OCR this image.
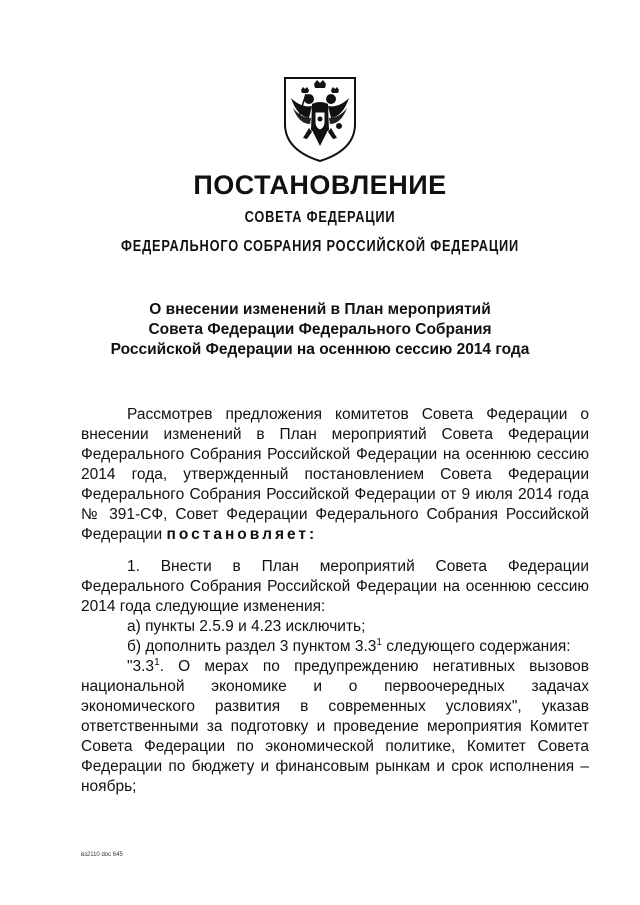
ПОСТАНОВЛЕНИЕ
СОВЕТА ФЕДЕРАЦИИ
ФЕДЕРАЛЬНОГО СОБРАНИЯ РОССИЙСКОЙ ФЕДЕРАЦИИ
О внесении изменений в План мероприятий
Совета Федерации Федерального Собрания
Российской Федерации на осеннюю сессию 2014 года

Рассмотрев предложения комитетов Совета Федерации о внесении изменений в План мероприятий Совета Федерации Федерального Собрания Российской Федерации на осеннюю сессию 2014 года, утвержденный постановлением Совета Федерации Федерального Собрания Российской Федерации от 9 июля 2014 года № 391-СФ, Совет Федерации Федерального Собрания Российской Федерации постановляет:

1. Внести в План мероприятий Совета Федерации Федерального Собрания Российской Федерации на осеннюю сессию 2014 года следующие изменения:

а) пункты 2.5.9 и 4.23 исключить;

б) дополнить раздел 3 пунктом $3.3^1$ следующего содержания:

"$3.3^1$. О мерах по предупреждению негативных вызовов национальной экономике и о первоочередных задачах экономического развития в современных условиях", указав ответственными за подготовку и проведение мероприятия Комитет Совета Федерации по экономической политике, Комитет Совета Федерации по бюджету и финансовым рынкам и срок исполнения – ноябрь;

вз2110 doc 645
